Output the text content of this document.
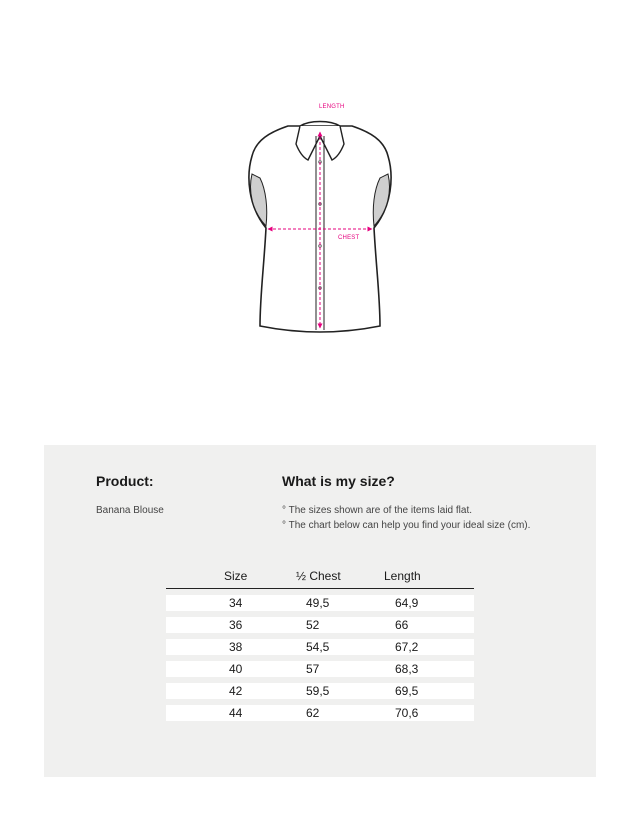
LENGTH
CHEST
Product:
Banana Blouse
What is my size?
° The sizes shown are of the items laid flat.
° The chart below can help you find your ideal size (cm).
Size	½ Chest	Length
34	49,5	64,9
36	52	66
38	54,5	67,2
40	57	68,3
42	59,5	69,5
44	62	70,6
